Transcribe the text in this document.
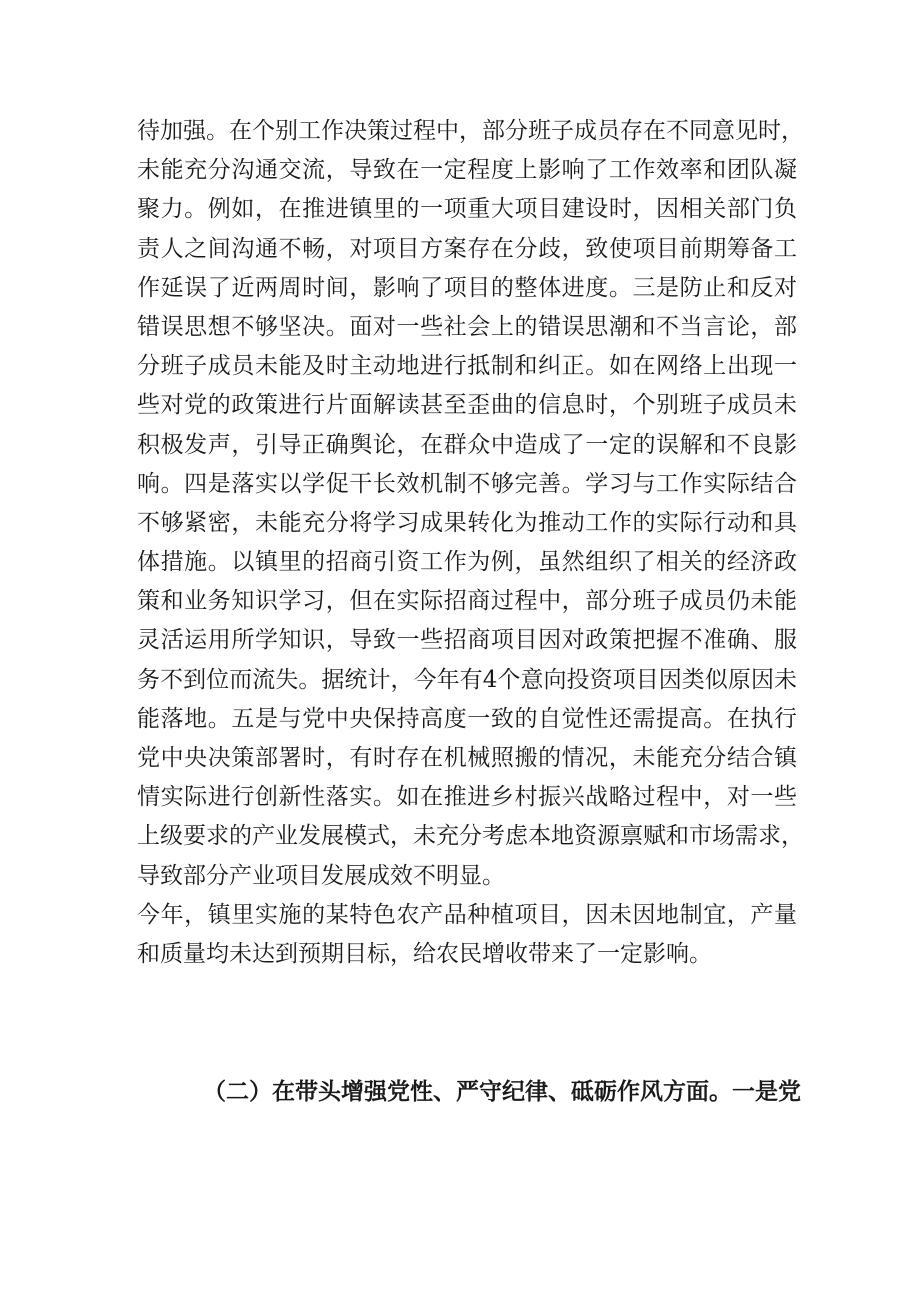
待加强。在个别工作决策过程中，部分班子成员存在不同意见时，
未能充分沟通交流，导致在一定程度上影响了工作效率和团队凝
聚力。例如，在推进镇里的一项重大项目建设时，因相关部门负
责人之间沟通不畅，对项目方案存在分歧，致使项目前期筹备工
作延误了近两周时间，影响了项目的整体进度。三是防止和反对
错误思想不够坚决。面对一些社会上的错误思潮和不当言论，部
分班子成员未能及时主动地进行抵制和纠正。如在网络上出现一
些对党的政策进行片面解读甚至歪曲的信息时，个别班子成员未
积极发声，引导正确舆论，在群众中造成了一定的误解和不良影
响。四是落实以学促干长效机制不够完善。学习与工作实际结合
不够紧密，未能充分将学习成果转化为推动工作的实际行动和具
体措施。以镇里的招商引资工作为例，虽然组织了相关的经济政
策和业务知识学习，但在实际招商过程中，部分班子成员仍未能
灵活运用所学知识，导致一些招商项目因对政策把握不准确、服
务不到位而流失。据统计，今年有4个意向投资项目因类似原因未
能落地。五是与党中央保持高度一致的自觉性还需提高。在执行
党中央决策部署时，有时存在机械照搬的情况，未能充分结合镇
情实际进行创新性落实。如在推进乡村振兴战略过程中，对一些
上级要求的产业发展模式，未充分考虑本地资源禀赋和市场需求，
导致部分产业项目发展成效不明显。
今年，镇里实施的某特色农产品种植项目，因未因地制宜，产量
和质量均未达到预期目标，给农民增收带来了一定影响。
（二）在带头增强党性、严守纪律、砥砺作风方面。一是党
